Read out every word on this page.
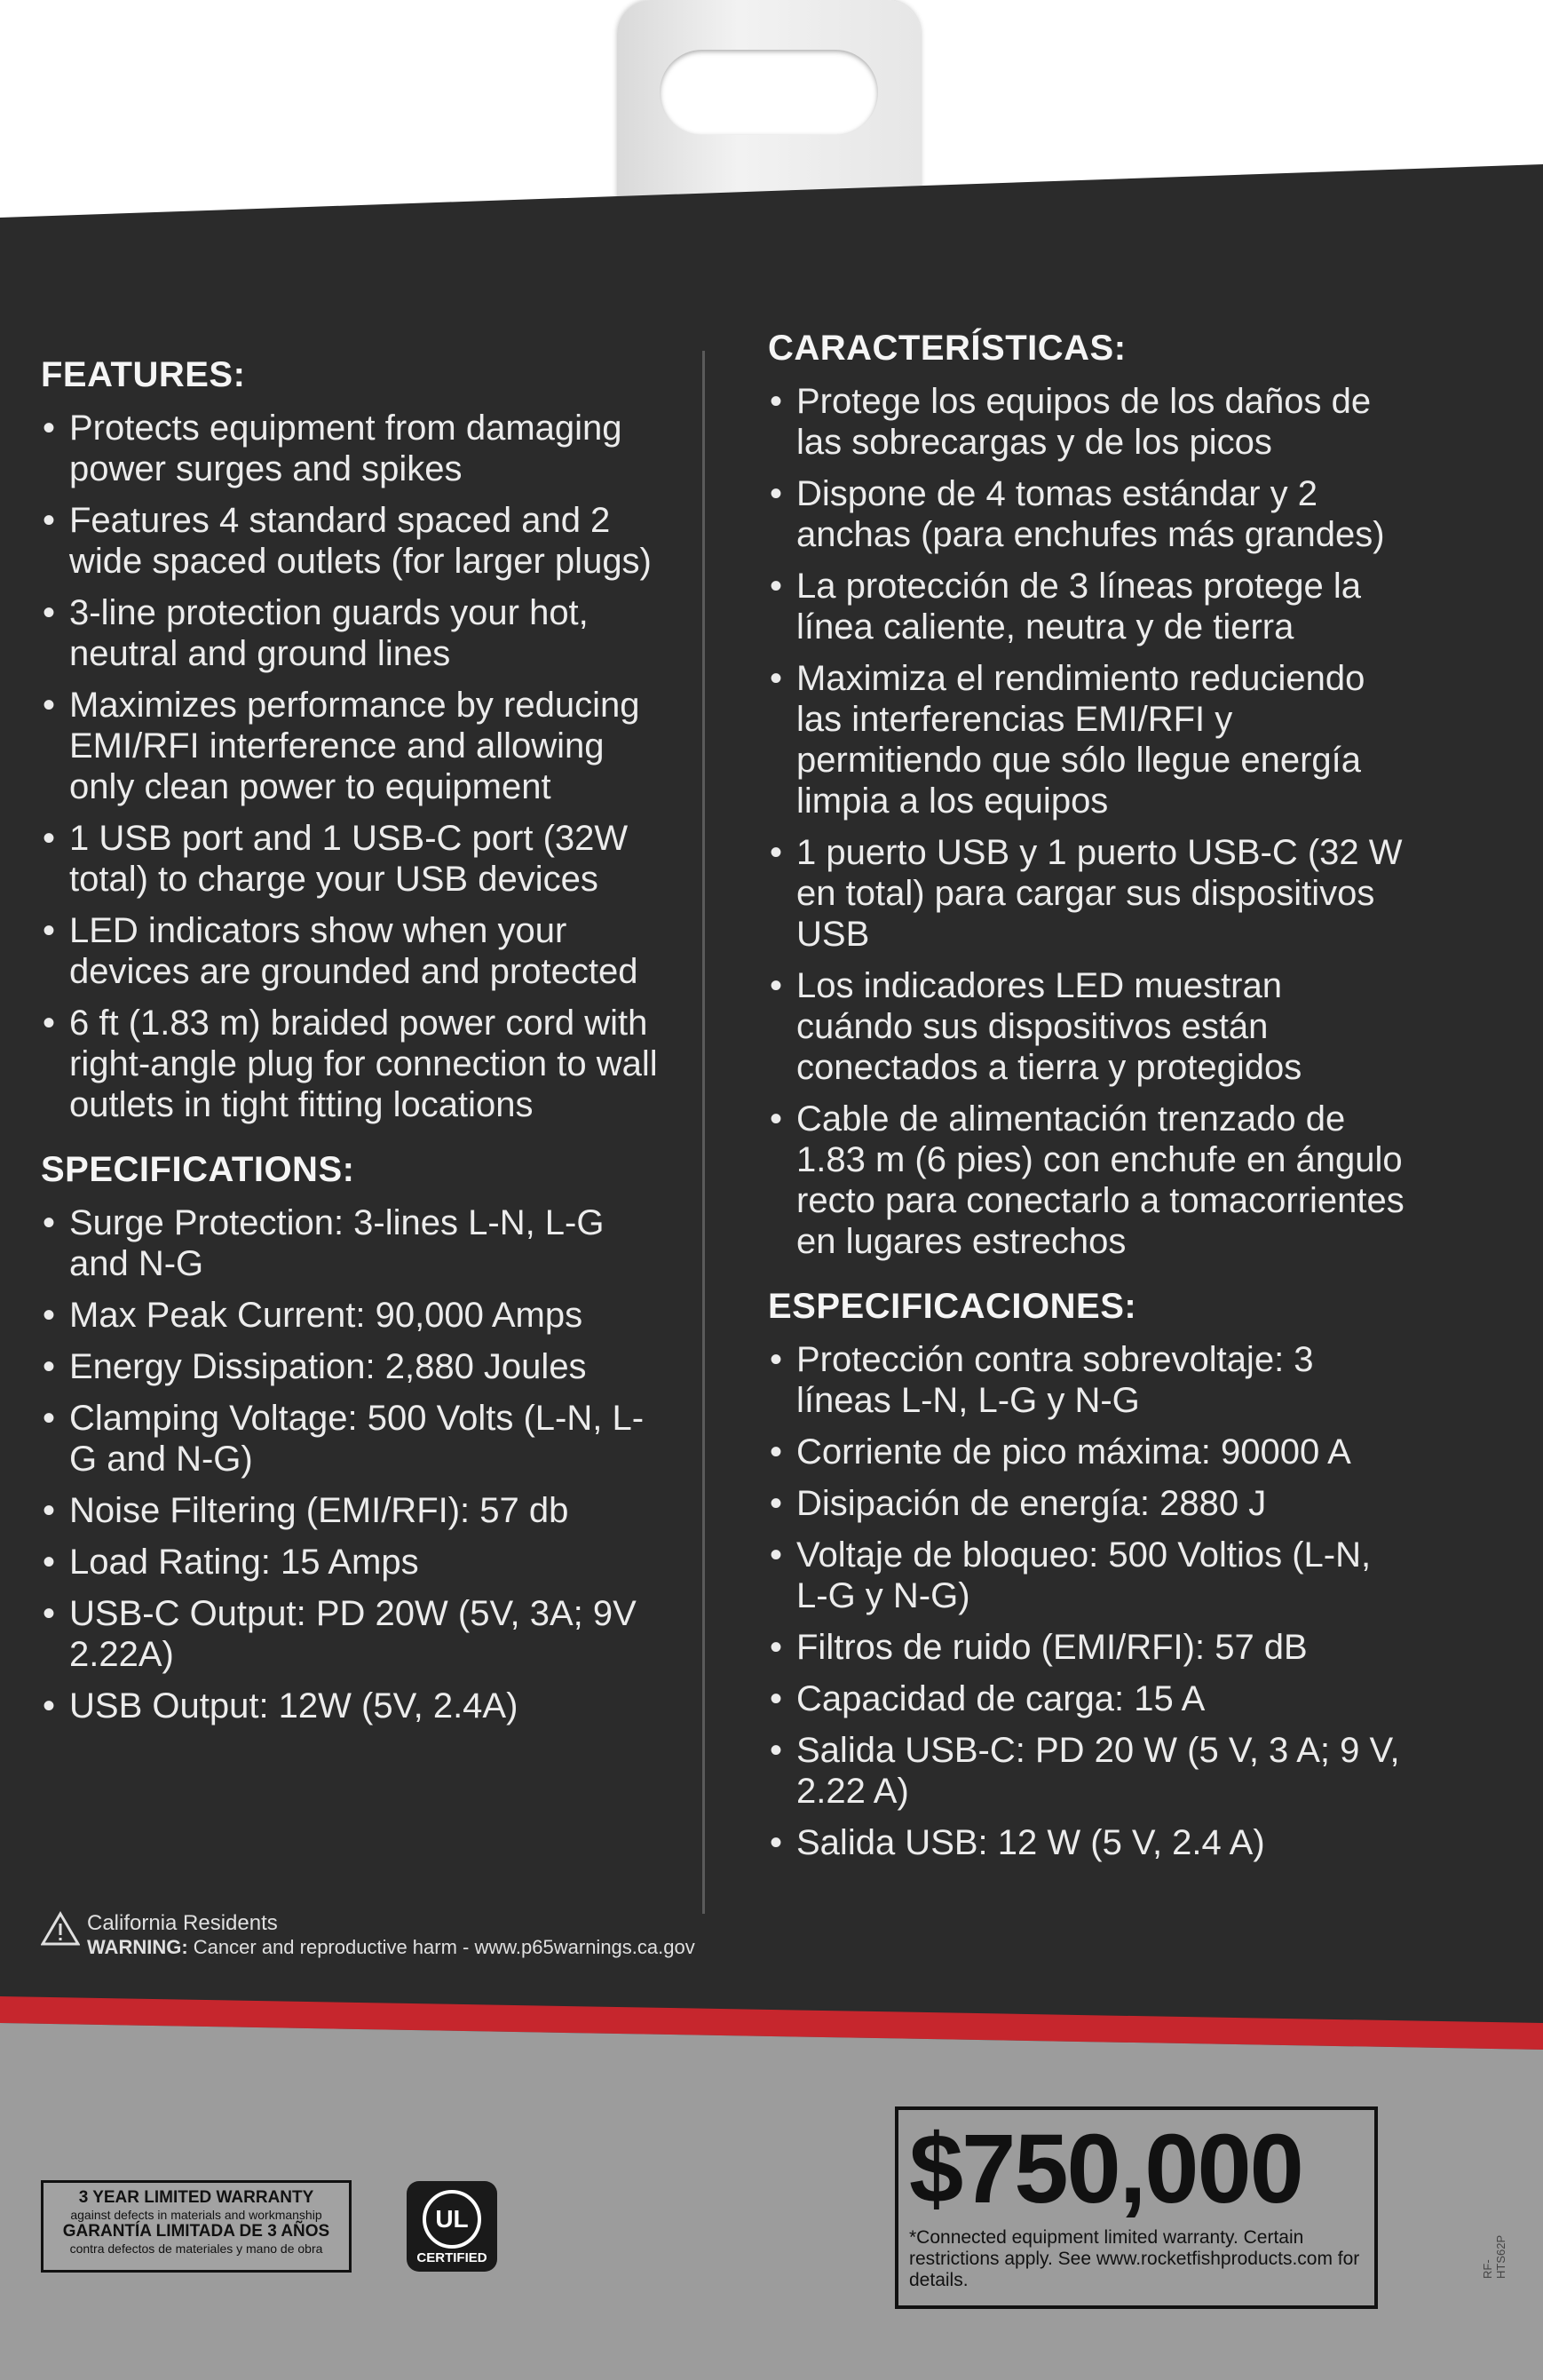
FEATURES:
• Protects equipment from damaging power surges and spikes
• Features 4 standard spaced and 2 wide spaced outlets (for larger plugs)
• 3-line protection guards your hot, neutral and ground lines
• Maximizes performance by reducing EMI/RFI interference and allowing only clean power to equipment
• 1 USB port and 1 USB-C port (32W total) to charge your USB devices
• LED indicators show when your devices are grounded and protected
• 6 ft (1.83 m) braided power cord with right-angle plug for connection to wall outlets in tight fitting locations
SPECIFICATIONS:
• Surge Protection: 3-lines L-N, L-G and N-G
• Max Peak Current: 90,000 Amps
• Energy Dissipation: 2,880 Joules
• Clamping Voltage: 500 Volts (L-N, L-G and N-G)
• Noise Filtering (EMI/RFI): 57 db
• Load Rating: 15 Amps
• USB-C Output: PD 20W (5V, 3A; 9V 2.22A)
• USB Output: 12W (5V, 2.4A)
CARACTERÍSTICAS:
• Protege los equipos de los daños de las sobrecargas y de los picos
• Dispone de 4 tomas estándar y 2 anchas (para enchufes más grandes)
• La protección de 3 líneas protege la línea caliente, neutra y de tierra
• Maximiza el rendimiento reduciendo las interferencias EMI/RFI y permitiendo que sólo llegue energía limpia a los equipos
• 1 puerto USB y 1 puerto USB-C (32 W en total) para cargar sus dispositivos USB
• Los indicadores LED muestran cuándo sus dispositivos están conectados a tierra y protegidos
• Cable de alimentación trenzado de 1.83 m (6 pies) con enchufe en ángulo recto para conectarlo a tomacorrientes en lugares estrechos
ESPECIFICACIONES:
• Protección contra sobrevoltaje: 3 líneas L-N, L-G y N-G
• Corriente de pico máxima: 90000 A
• Disipación de energía: 2880 J
• Voltaje de bloqueo: 500 Voltios (L-N, L-G y N-G)
• Filtros de ruido (EMI/RFI): 57 dB
• Capacidad de carga: 15 A
• Salida USB-C: PD 20 W (5 V, 3 A; 9 V, 2.22 A)
• Salida USB: 12 W (5 V, 2.4 A)
California Residents
WARNING: Cancer and reproductive harm - www.p65warnings.ca.gov
3 YEAR LIMITED WARRANTY
against defects in materials and workmanship
GARANTÍA LIMITADA DE 3 AÑOS
contra defectos de materiales y mano de obra
UL
CERTIFIED
$750,000
*Connected equipment limited warranty. Certain restrictions apply. See www.rocketfishproducts.com for details.
RF-HTS62P
